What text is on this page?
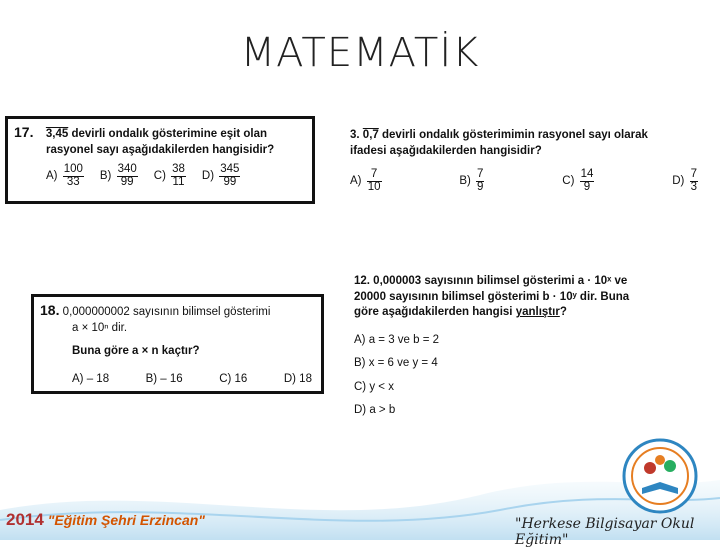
MATEMATİK
17. 3,45 devirli ondalık gösterimine eşit olan
rasyonel sayı aşağıdakilerden hangisidir?
$A) \frac{100}{33} B) \frac{340}{99} C) \frac{38}{11} D) \frac{345}{99}$
3. 0,7 devirli ondalık gösterimimin rasyonel sayı olarak
ifadesi aşağıdakilerden hangisidir?
$A) \frac{7}{10}$	$B) \frac{7}{9}$	$C) \frac{14}{9}$	$D) \frac{7}{3}$
18. 0,000000002 sayısının bilimsel gösterimi
a × 10ⁿ dir.
Buna göre a × n kaçtır?
A) – 18	B) – 16	C) 16	D) 18
12. 0,000003 sayısının bilimsel gösterimi a · 10ˣ ve
20000 sayısının bilimsel gösterimi b · 10ʸ dir. Buna
göre aşağıdakilerden hangisi yanlıştır?
A) a = 3 ve b = 2
B) x = 6 ve y = 4
C) y < x
D) a > b
2014 "Eğitim Şehri Erzincan"	"Herkese Bilgisayar Okul Eğitim"
